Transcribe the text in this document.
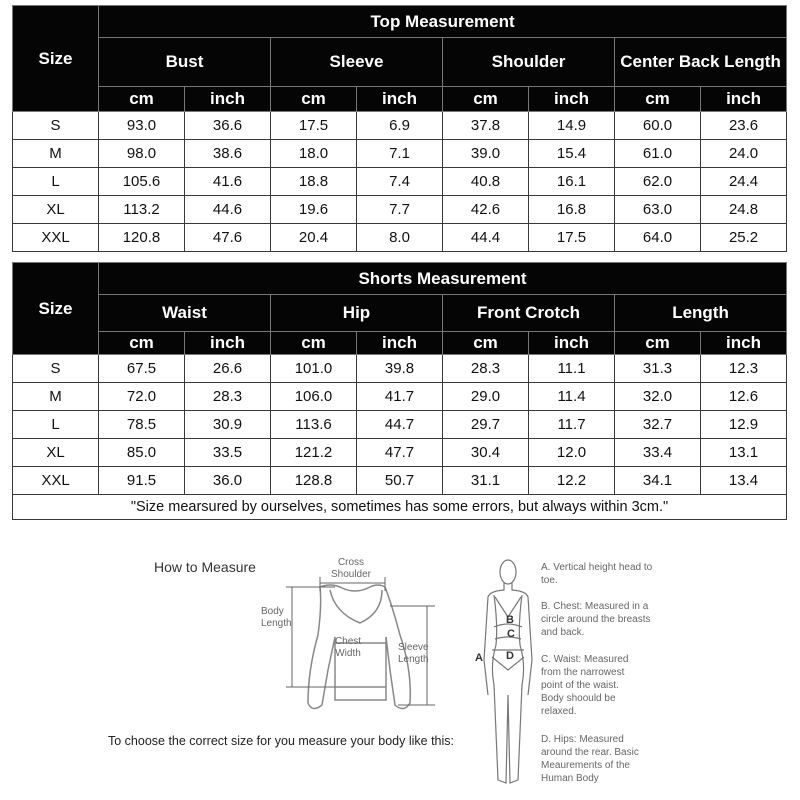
Size	Top Measurement							
	Bust		Sleeve		Shoulder		Center Back Length	
	cm	inch	cm	inch	cm	inch	cm	inch
S	93.0	36.6	17.5	6.9	37.8	14.9	60.0	23.6
M	98.0	38.6	18.0	7.1	39.0	15.4	61.0	24.0
L	105.6	41.6	18.8	7.4	40.8	16.1	62.0	24.4
XL	113.2	44.6	19.6	7.7	42.6	16.8	63.0	24.8
XXL	120.8	47.6	20.4	8.0	44.4	17.5	64.0	25.2
Size	Shorts Measurement							
	Waist		Hip		Front Crotch		Length	
	cm	inch	cm	inch	cm	inch	cm	inch
S	67.5	26.6	101.0	39.8	28.3	11.1	31.3	12.3
M	72.0	28.3	106.0	41.7	29.0	11.4	32.0	12.6
L	78.5	30.9	113.6	44.7	29.7	11.7	32.7	12.9
XL	85.0	33.5	121.2	47.7	30.4	12.0	33.4	13.1
XXL	91.5	36.0	128.8	50.7	31.1	12.2	34.1	13.4
"Size mearsured by ourselves, sometimes has some errors, but always within 3cm."								
How to Measure	Cross Shoulder
Body Length
Chest Width
Sleeve Length
To choose the correct size for you measure your body like this:
A
B
C
D
A. Vertical height head to toe.
B. Chest: Measured in a circle around the breasts and back.
C. Waist: Measured from the narrowest point of the waist. Body shoould be relaxed.
D. Hips: Measured around the rear. Basic Meaurements of the Human Body
